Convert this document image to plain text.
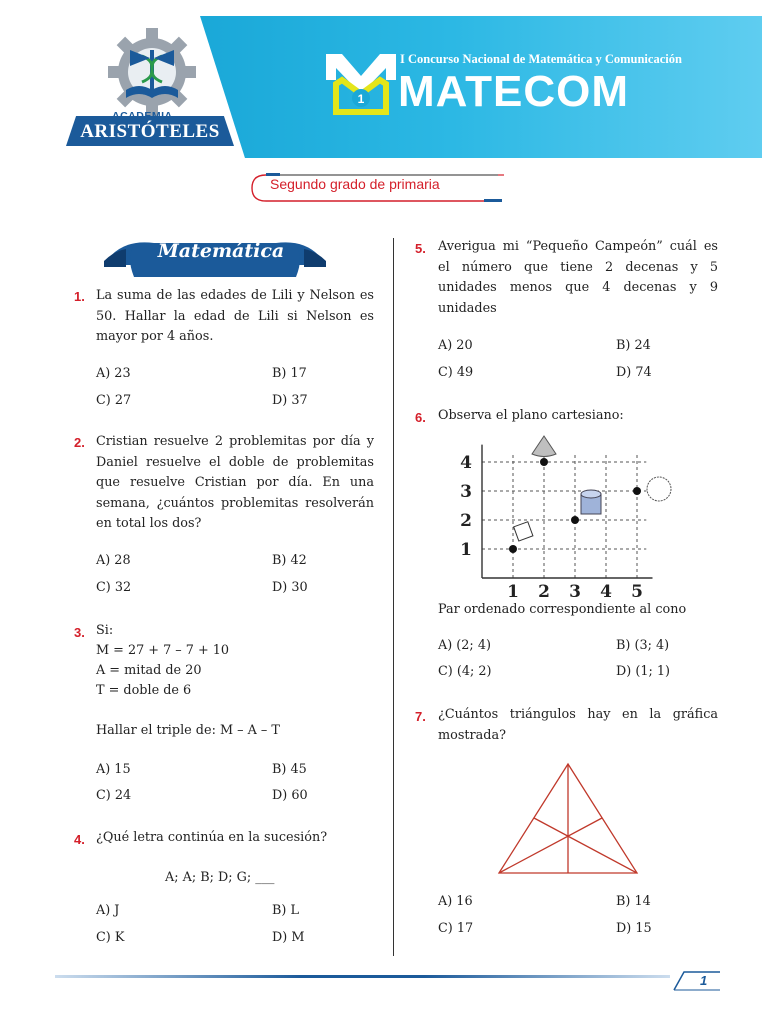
ARISTÓTELES
1
I Concurso Nacional de Matemática y Comunicación
MATECOM
Segundo grado de primaria
Matemática
1. La suma de las edades de Lili y Nelson es 50. Hallar la edad de Lili si Nelson es mayor por 4 años.
A) 23	B) 17
C) 27	D) 37
2. Cristian resuelve 2 problemitas por día y Daniel resuelve el doble de problemitas que resuelve Cristian por día. En una semana, ¿cuántos problemitas resolverán en total los dos?
A) 28	B) 42
C) 32	D) 30
3. Si:
M = 27 + 7 – 7 + 10
A = mitad de 20
T = doble de 6
Hallar el triple de: M – A – T
A) 15	B) 45
C) 24	D) 60
4. ¿Qué letra continúa en la sucesión?
A; A; B; D; G; ___
A) J	B) L
C) K	D) M
5. Averigua mi “Pequeño Campeón” cuál es el número que tiene 2 decenas y 5 unidades menos que 4 decenas y 9 unidades
A) 20	B) 24
C) 49	D) 74
6. Observa el plano cartesiano:
1 2 3 4 5
1
2
3
4
Par ordenado correspondiente al cono
A) (2; 4)	B) (3; 4)
C) (4; 2)	D) (1; 1)
7. ¿Cuántos triángulos hay en la gráfica mostrada?
A) 16	B) 14
C) 17	D) 15
1
